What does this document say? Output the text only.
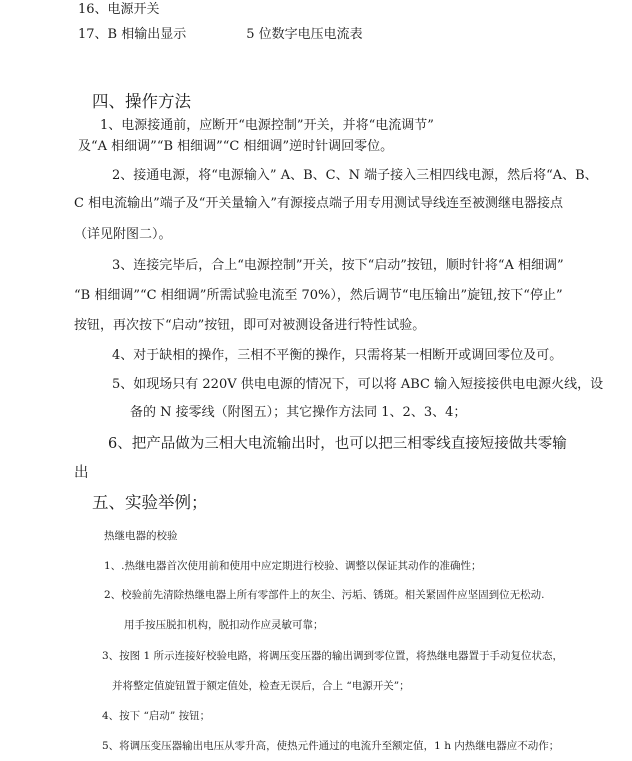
16、电源开关
17、B 相输出显示	5 位数字电压电流表
四、操作方法
1、电源接通前，应断开“电源控制”开关，并将“电流调节”
及“A 相细调”“B 相细调”“C 相细调”逆时针调回零位。
2、接通电源，将“电源输入” A、B、C、N 端子接入三相四线电源，然后将“A、B、
C 相电流输出”端子及“开关量输入”有源接点端子用专用测试导线连至被测继电器接点
（详见附图二）。
3、连接完毕后，合上“电源控制”开关，按下“启动”按钮，顺时针将“A 相细调”
“B 相细调”“C 相细调”所需试验电流至 70%），然后调节“电压输出”旋钮,按下“停止”
按钮，再次按下“启动”按钮，即可对被测设备进行特性试验。
4、对于缺相的操作，三相不平衡的操作，只需将某一相断开或调回零位及可。
5、如现场只有 220V 供电电源的情况下，可以将 ABC 输入短接接供电电源火线，设
备的 N 接零线（附图五）；其它操作方法同 1、2、3、4；
6、把产品做为三相大电流输出时，也可以把三相零线直接短接做共零输
出
五、实验举例；
热继电器的校验
1、.热继电器首次使用前和使用中应定期进行校验、调整以保证其动作的准确性；
2、校验前先清除热继电器上所有零部件上的灰尘、污垢、锈斑。相关紧固件应坚固到位无松动.
用手按压脱扣机构，脱扣动作应灵敏可靠；
3、按图 1 所示连接好校验电路，将调压变压器的输出调到零位置，将热继电器置于手动复位状态，
并将整定值旋钮置于额定值处，检查无误后，合上 “电源开关”；
4、按下 “启动” 按钮；
5、将调压变压器输出电压从零升高，使热元件通过的电流升至额定值，1 h 内热继电器应不动作；
